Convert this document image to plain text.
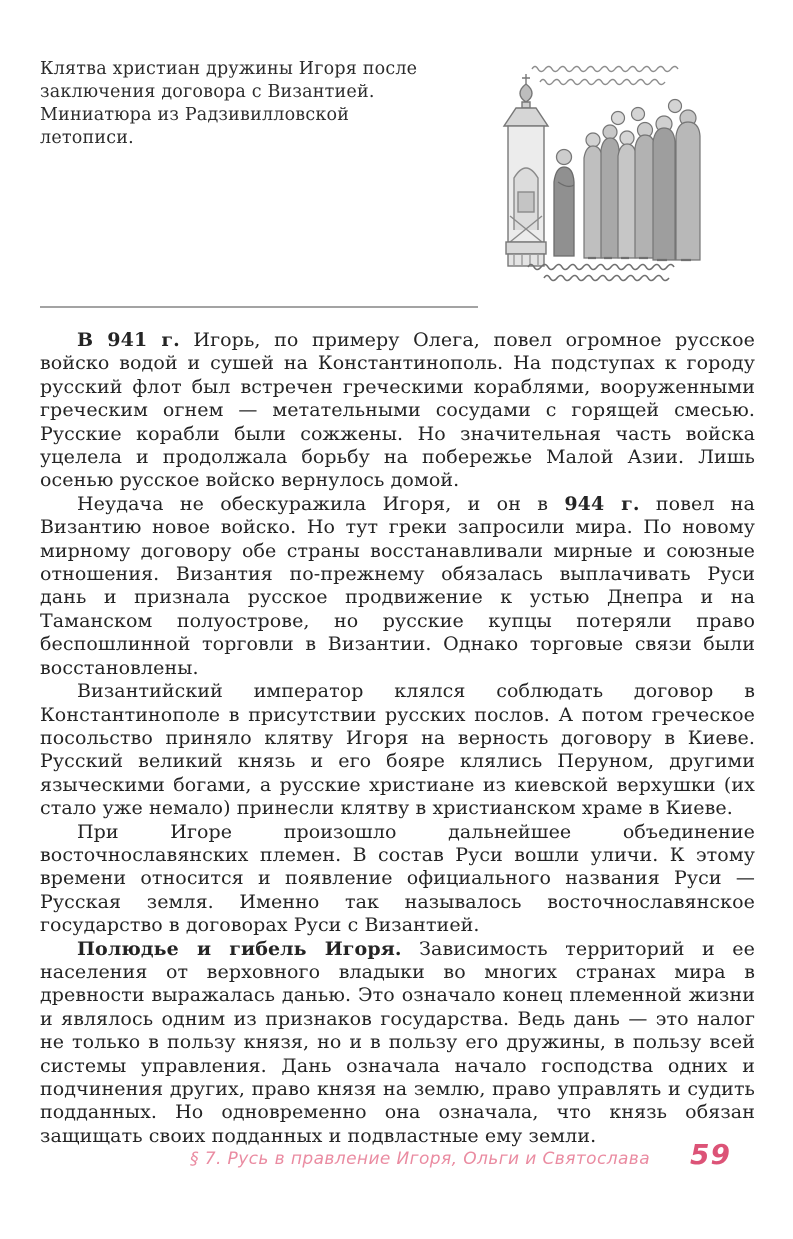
Клятва христиан дружины Игоря после
заключения договора с Византией.
Миниатюра из Радзивилловской
летописи.

В 941 г. Игорь, по примеру Олега, повел огромное русское войско водой и сушей на Константинополь. На подступах к городу русский флот был встречен греческими кораблями, вооруженными греческим огнем — метательными сосудами с горящей смесью. Русские корабли были сожжены. Но значительная часть войска уцелела и продолжала борьбу на побережье Малой Азии. Лишь осенью русское войско вернулось домой.

Неудача не обескуражила Игоря, и он в 944 г. повел на Византию новое войско. Но тут греки запросили мира. По новому мирному договору обе страны восстанавливали мирные и союзные отношения. Византия по-прежнему обязалась выплачивать Руси дань и признала русское продвижение к устью Днепра и на Таманском полуострове, но русские купцы потеряли право беспошлинной торговли в Византии. Однако торговые связи были восстановлены.

Византийский император клялся соблюдать договор в Константинополе в присутствии русских послов. А потом греческое посольство приняло клятву Игоря на верность договору в Киеве. Русский великий князь и его бояре клялись Перуном, другими языческими богами, а русские христиане из киевской верхушки (их стало уже немало) принесли клятву в христианском храме в Киеве.

При Игоре произошло дальнейшее объединение восточнославянских племен. В состав Руси вошли уличи. К этому времени относится и появление официального названия Руси — Русская земля. Именно так называлось восточнославянское государство в договорах Руси с Византией.

Полюдье и гибель Игоря. Зависимость территорий и ее населения от верховного владыки во многих странах мира в древности выражалась данью. Это означало конец племенной жизни и являлось одним из признаков государства. Ведь дань — это налог не только в пользу князя, но и в пользу его дружины, в пользу всей системы управления. Дань означала начало господства одних и подчинения других, право князя на землю, право управлять и судить подданных. Но одновременно она означала, что князь обязан защищать своих подданных и подвластные ему земли.

§ 7. Русь в правление Игоря, Ольги и Святослава 59
